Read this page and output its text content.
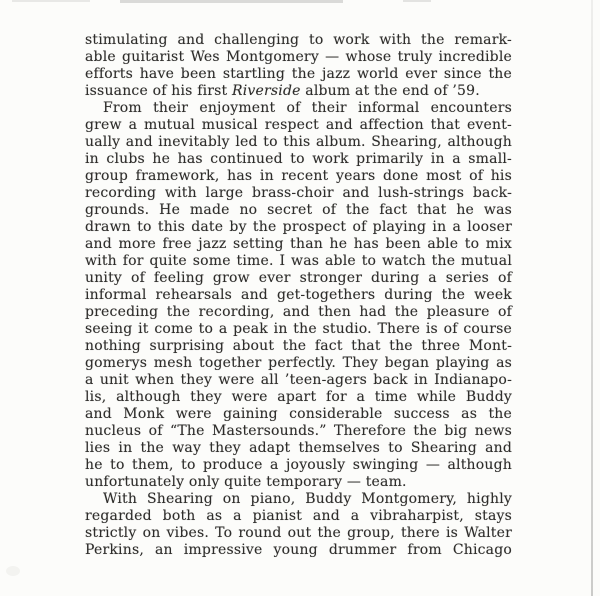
stimulating and challenging to work with the remark-
able guitarist Wes Montgomery — whose truly incredible
efforts have been startling the jazz world ever since the
issuance of his first Riverside album at the end of ’59.
From their enjoyment of their informal encounters
grew a mutual musical respect and affection that event-
ually and inevitably led to this album. Shearing, although
in clubs he has continued to work primarily in a small-
group framework, has in recent years done most of his
recording with large brass-choir and lush-strings back-
grounds. He made no secret of the fact that he was
drawn to this date by the prospect of playing in a looser
and more free jazz setting than he has been able to mix
with for quite some time. I was able to watch the mutual
unity of feeling grow ever stronger during a series of
informal rehearsals and get-togethers during the week
preceding the recording, and then had the pleasure of
seeing it come to a peak in the studio. There is of course
nothing surprising about the fact that the three Mont-
gomerys mesh together perfectly. They began playing as
a unit when they were all ’teen-agers back in Indianapo-
lis, although they were apart for a time while Buddy
and Monk were gaining considerable success as the
nucleus of “The Mastersounds.” Therefore the big news
lies in the way they adapt themselves to Shearing and
he to them, to produce a joyously swinging — although
unfortunately only quite temporary — team.
With Shearing on piano, Buddy Montgomery, highly
regarded both as a pianist and a vibraharpist, stays
strictly on vibes. To round out the group, there is Walter
Perkins, an impressive young drummer from Chicago
